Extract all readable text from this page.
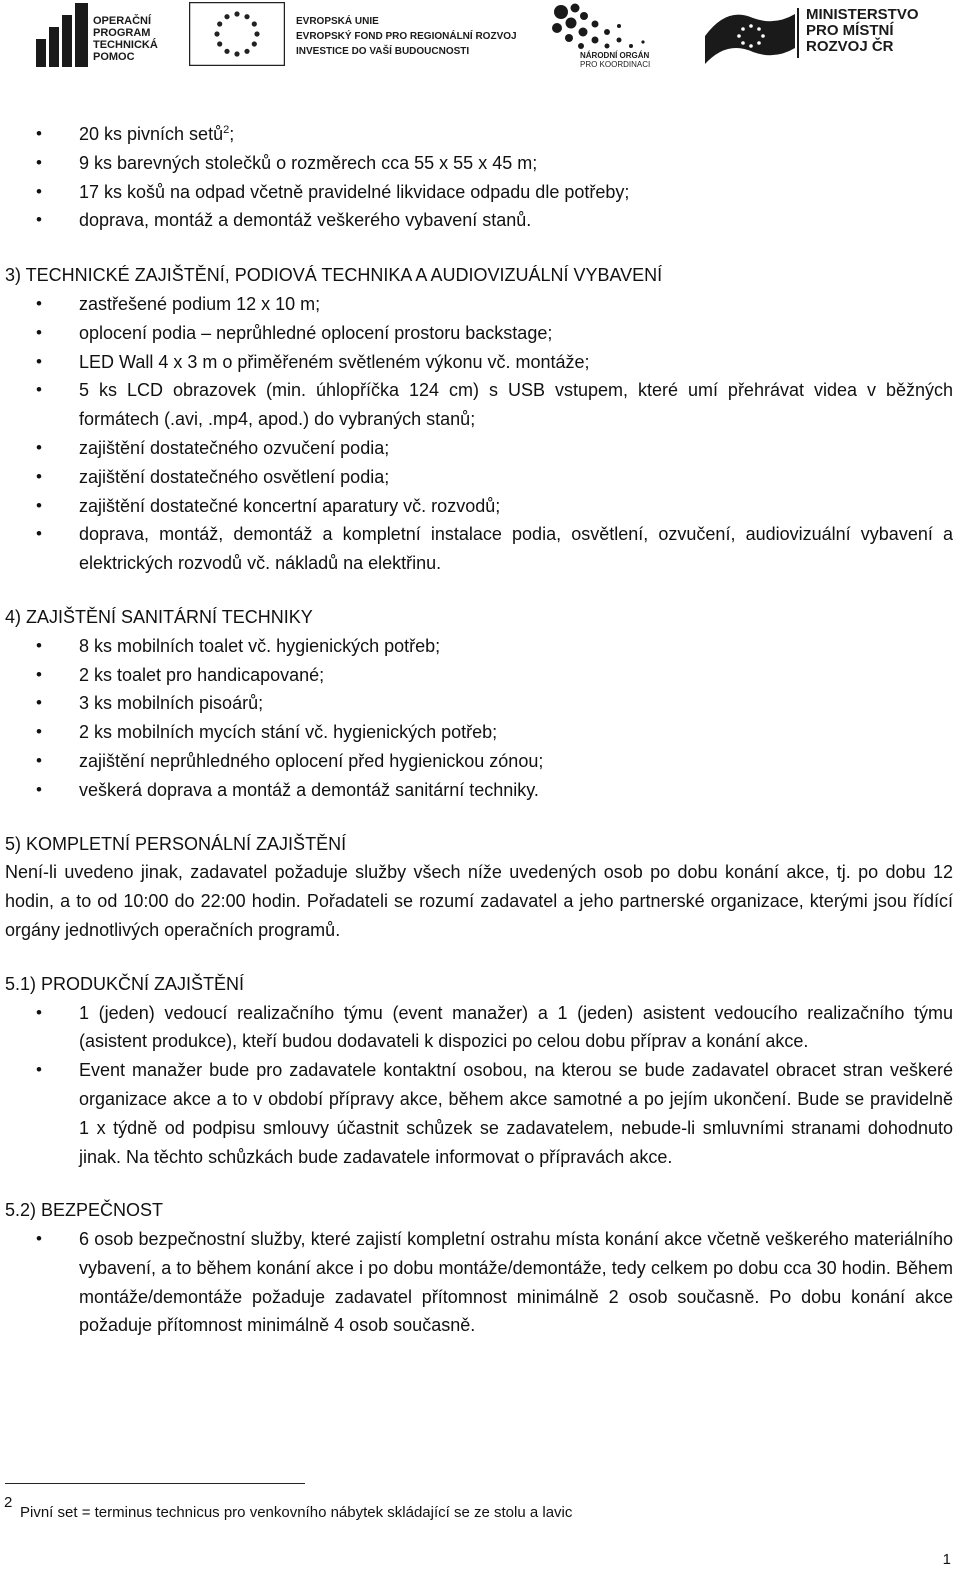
OPERAČNÍ
PROGRAM
TECHNICKÁ
POMOC
EVROPSKÁ UNIE
EVROPSKÝ FOND PRO REGIONÁLNÍ ROZVOJ
INVESTICE DO VAŠÍ BUDOUCNOSTI	NÁRODNÍ ORGÁN
PRO KOORDINACI
MINISTERSTVO
PRO MÍSTNÍ
ROZVOJ ČR
• 20 ks pivních setů$^2$;
• 9 ks barevných stolečků o rozměrech cca 55 x 55 x 45 m;
• 17 ks košů na odpad včetně pravidelné likvidace odpadu dle potřeby;
• doprava, montáž a demontáž veškerého vybavení stanů.

3) TECHNICKÉ ZAJIŠTĚNÍ, PODIOVÁ TECHNIKA A AUDIOVIZUÁLNÍ VYBAVENÍ

• zastřešené podium 12 x 10 m;
• oplocení podia – neprůhledné oplocení prostoru backstage;
• LED Wall 4 x 3 m o přiměřeném světleném výkonu vč. montáže;
• 5 ks LCD obrazovek (min. úhlopříčka 124 cm) s USB vstupem, které umí přehrávat videa v běžných formátech (.avi, .mp4, apod.) do vybraných stanů;
• zajištění dostatečného ozvučení podia;
• zajištění dostatečného osvětlení podia;
• zajištění dostatečné koncertní aparatury vč. rozvodů;
• doprava, montáž, demontáž a kompletní instalace podia, osvětlení, ozvučení, audiovizuální vybavení a elektrických rozvodů vč. nákladů na elektřinu.

4) ZAJIŠTĚNÍ SANITÁRNÍ TECHNIKY

• 8 ks mobilních toalet vč. hygienických potřeb;
• 2 ks toalet pro handicapované;
• 3 ks mobilních pisoárů;
• 2 ks mobilních mycích stání vč. hygienických potřeb;
• zajištění neprůhledného oplocení před hygienickou zónou;
• veškerá doprava a montáž a demontáž sanitární techniky.

5) KOMPLETNÍ PERSONÁLNÍ ZAJIŠTĚNÍ

Není-li uvedeno jinak, zadavatel požaduje služby všech níže uvedených osob po dobu konání akce, tj. po dobu 12 hodin, a to od 10:00 do 22:00 hodin. Pořadateli se rozumí zadavatel a jeho partnerské organizace, kterými jsou řídící orgány jednotlivých operačních programů.

5.1) PRODUKČNÍ ZAJIŠTĚNÍ

• 1 (jeden) vedoucí realizačního týmu (event manažer) a 1 (jeden) asistent vedoucího realizačního týmu (asistent produkce), kteří budou dodavateli k dispozici po celou dobu příprav a konání akce.
• Event manažer bude pro zadavatele kontaktní osobou, na kterou se bude zadavatel obracet stran veškeré organizace akce a to v období přípravy akce, během akce samotné a po jejím ukončení. Bude se pravidelně 1 x týdně od podpisu smlouvy účastnit schůzek se zadavatelem, nebude-li smluvními stranami dohodnuto jinak. Na těchto schůzkách bude zadavatele informovat o přípravách akce.

5.2) BEZPEČNOST

• 6 osob bezpečnostní služby, které zajistí kompletní ostrahu místa konání akce včetně veškerého materiálního vybavení, a to během konání akce i po dobu montáže/demontáže, tedy celkem po dobu cca 30 hodin. Během montáže/demontáže požaduje zadavatel přítomnost minimálně 2 osob současně. Po dobu konání akce požaduje přítomnost minimálně 4 osob současně.
2
Pivní set = terminus technicus pro venkovního nábytek skládající se ze stolu a lavic
1
